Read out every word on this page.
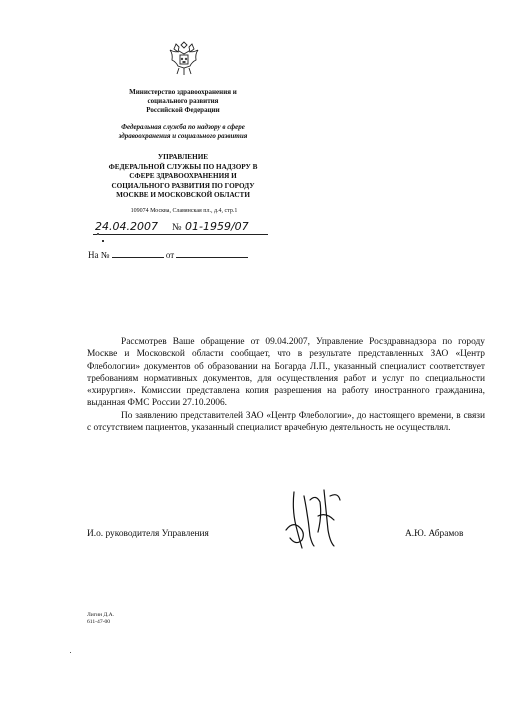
Министерство здравоохранения и
социального развития
Российской Федерации
Федеральная служба по надзору в сфере
здравоохранения и социального развития
УПРАВЛЕНИЕ
ФЕДЕРАЛЬНОЙ СЛУЖБЫ ПО НАДЗОРУ В
СФЕРЕ ЗДРАВООХРАНЕНИЯ И
СОЦИАЛЬНОГО РАЗВИТИЯ ПО ГОРОДУ
МОСКВЕ И МОСКОВСКОЙ ОБЛАСТИ
109074 Москва, Славянская пл., д.4, стр.1
24.04.2007 № 01-1959/07
На №	от

Рассмотрев Ваше обращение от 09.04.2007, Управление Росздравнадзора по городу Москве и Московской области сообщает, что в результате представленных ЗАО «Центр Флебологии» документов об образовании на Богарда Л.П., указанный специалист соответствует требованиям нормативных документов, для осуществления работ и услуг по специальности «хирургия». Комиссии представлена копия разрешения на работу иностранного гражданина, выданная ФМС России 27.10.2006.

По заявлению представителей ЗАО «Центр Флебологии», до настоящего времени, в связи с отсутствием пациентов, указанный специалист врачебную деятельность не осуществлял.

И.о. руководителя Управления	А.Ю. Абрамов
Лигин Д.А.
611-47-00
